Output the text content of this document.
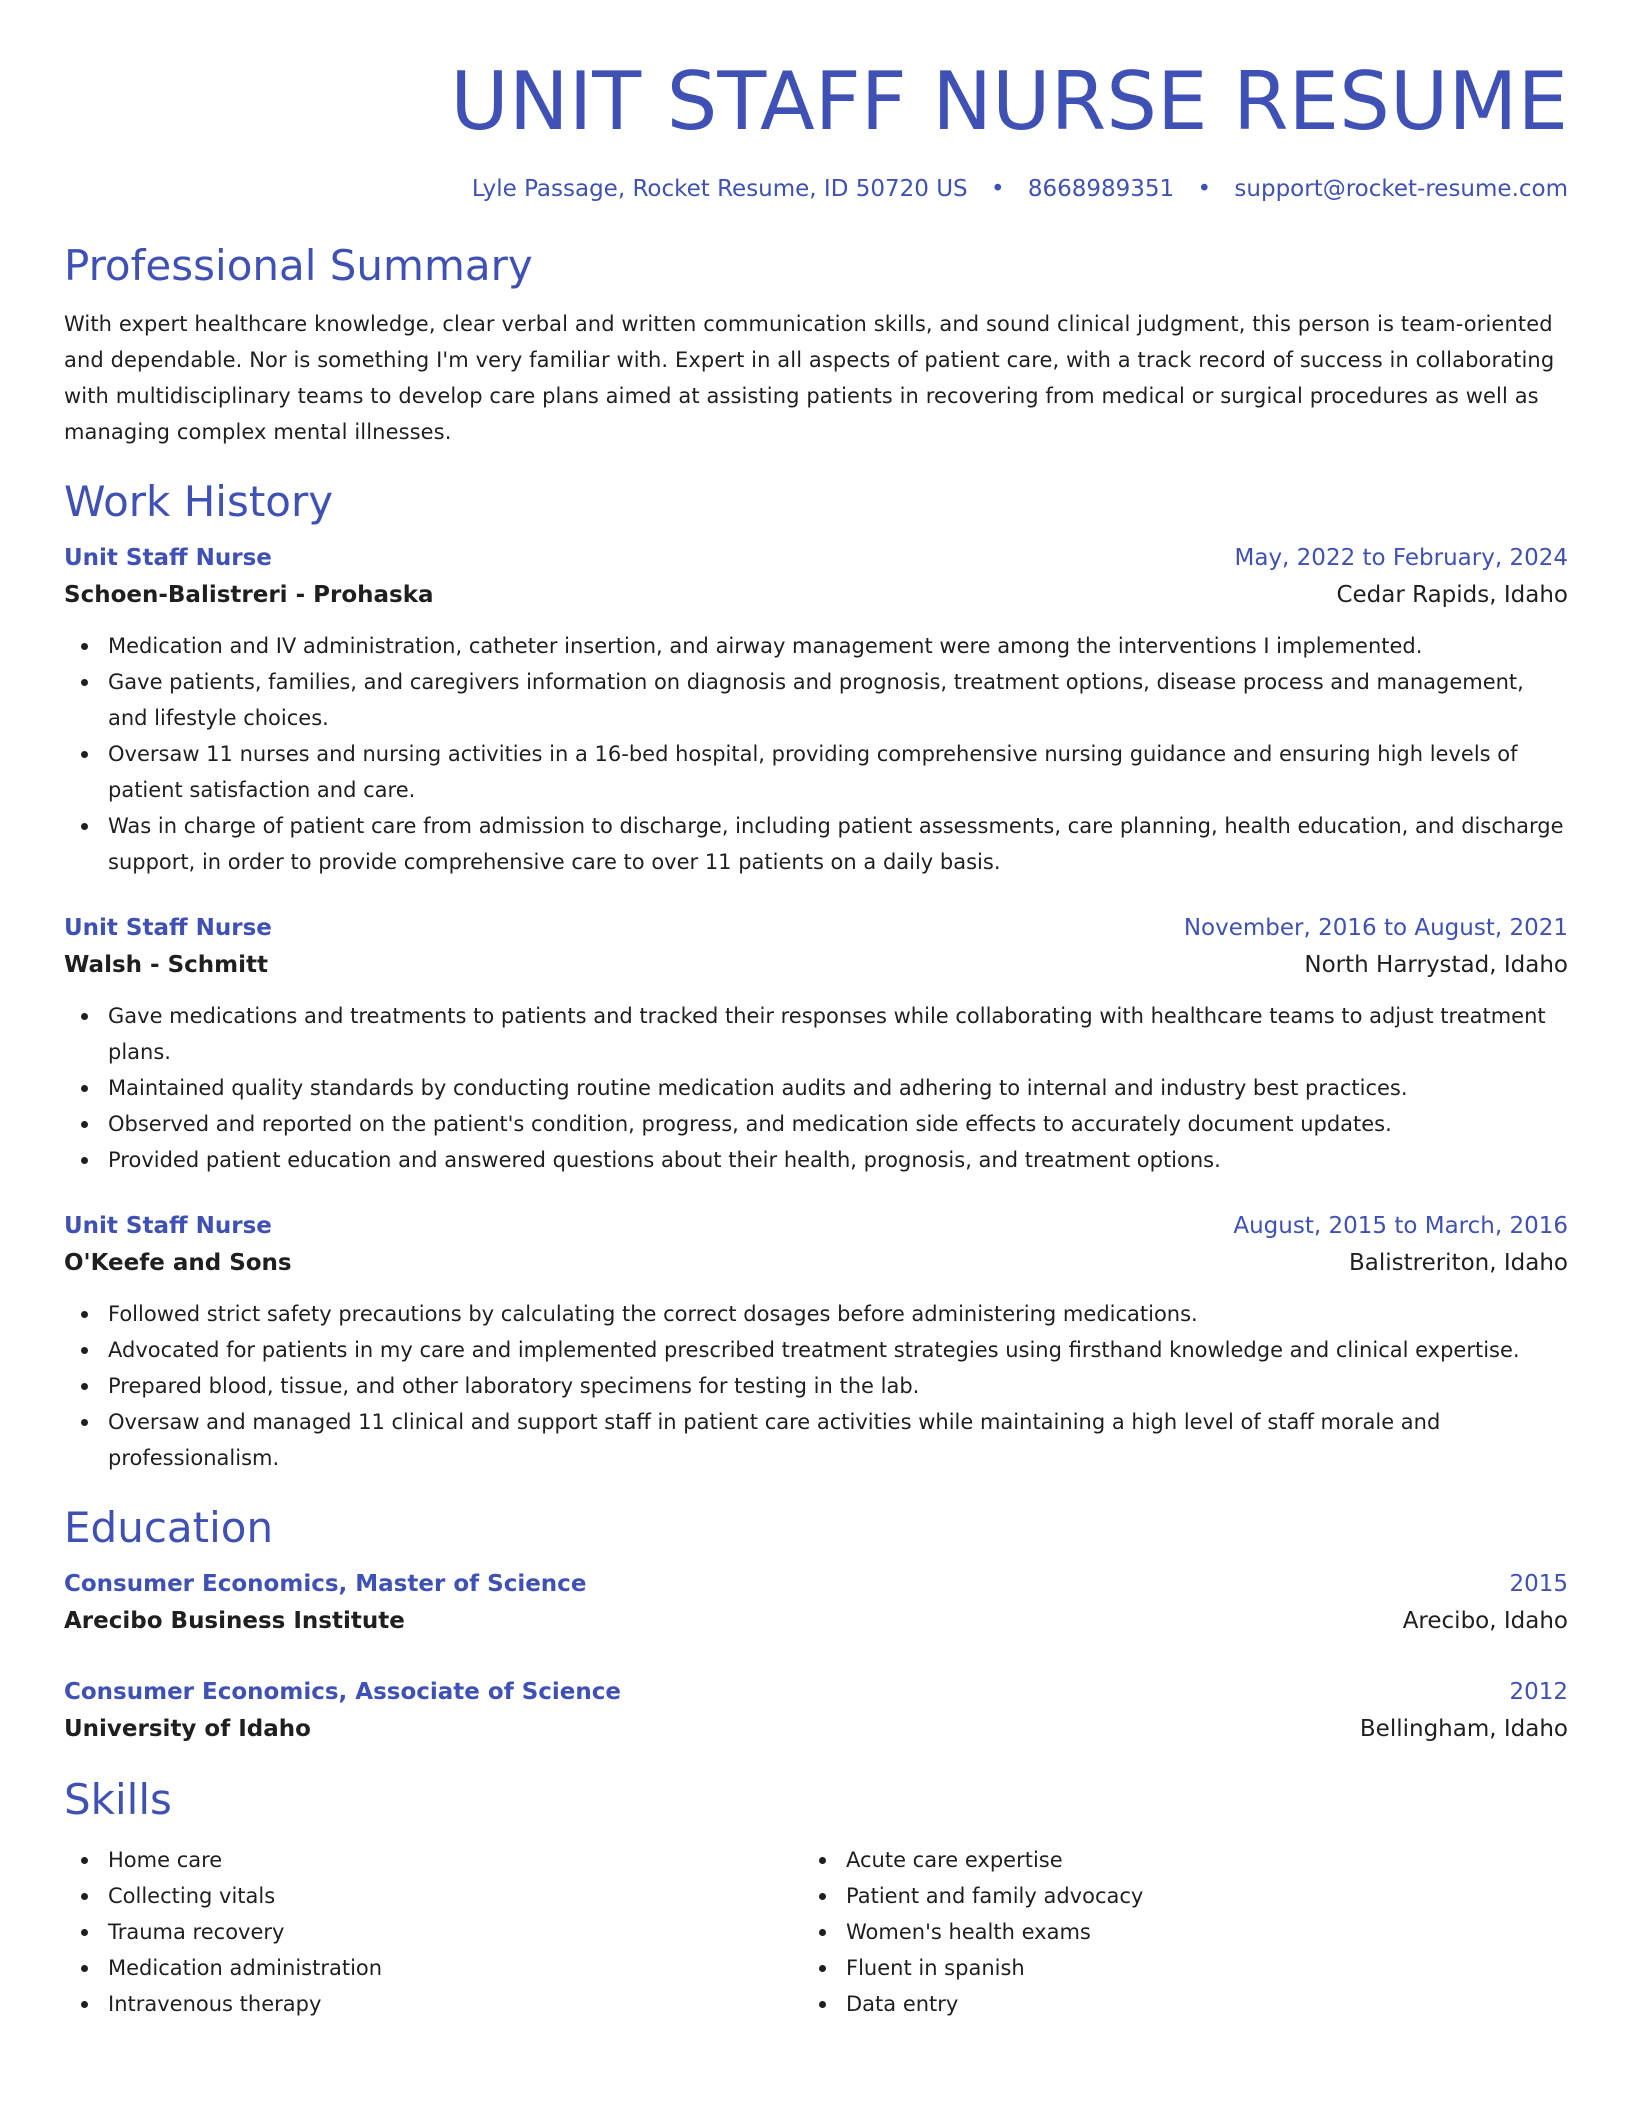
UNIT STAFF NURSE RESUME
Lyle Passage, Rocket Resume, ID 50720 US • 8668989351 • support@rocket-resume.com
Professional Summary

With expert healthcare knowledge, clear verbal and written communication skills, and sound clinical judgment, this person is team-oriented and dependable. Nor is something I'm very familiar with. Expert in all aspects of patient care, with a track record of success in collaborating with multidisciplinary teams to develop care plans aimed at assisting patients in recovering from medical or surgical procedures as well as managing complex mental illnesses.

Work History
Unit Staff Nurse	May, 2022 to February, 2024
Schoen-Balistreri - Prohaska	Cedar Rapids, Idaho
Medication and IV administration, catheter insertion, and airway management were among the interventions I implemented.
Gave patients, families, and caregivers information on diagnosis and prognosis, treatment options, disease process and management, and lifestyle choices.
Oversaw 11 nurses and nursing activities in a 16-bed hospital, providing comprehensive nursing guidance and ensuring high levels of patient satisfaction and care.
Was in charge of patient care from admission to discharge, including patient assessments, care planning, health education, and discharge support, in order to provide comprehensive care to over 11 patients on a daily basis.
Unit Staff Nurse	November, 2016 to August, 2021
Walsh - Schmitt	North Harrystad, Idaho
Gave medications and treatments to patients and tracked their responses while collaborating with healthcare teams to adjust treatment plans.
Maintained quality standards by conducting routine medication audits and adhering to internal and industry best practices.
Observed and reported on the patient's condition, progress, and medication side effects to accurately document updates.
Provided patient education and answered questions about their health, prognosis, and treatment options.
Unit Staff Nurse	August, 2015 to March, 2016
O'Keefe and Sons	Balistreriton, Idaho
Followed strict safety precautions by calculating the correct dosages before administering medications.
Advocated for patients in my care and implemented prescribed treatment strategies using firsthand knowledge and clinical expertise.
Prepared blood, tissue, and other laboratory specimens for testing in the lab.
Oversaw and managed 11 clinical and support staff in patient care activities while maintaining a high level of staff morale and professionalism.
Education
Consumer Economics, Master of Science	2015
Arecibo Business Institute	Arecibo, Idaho
Consumer Economics, Associate of Science	2012
University of Idaho	Bellingham, Idaho
Skills
Home care
Collecting vitals
Trauma recovery
Medication administration
Intravenous therapy
Acute care expertise
Patient and family advocacy
Women's health exams
Fluent in spanish
Data entry
